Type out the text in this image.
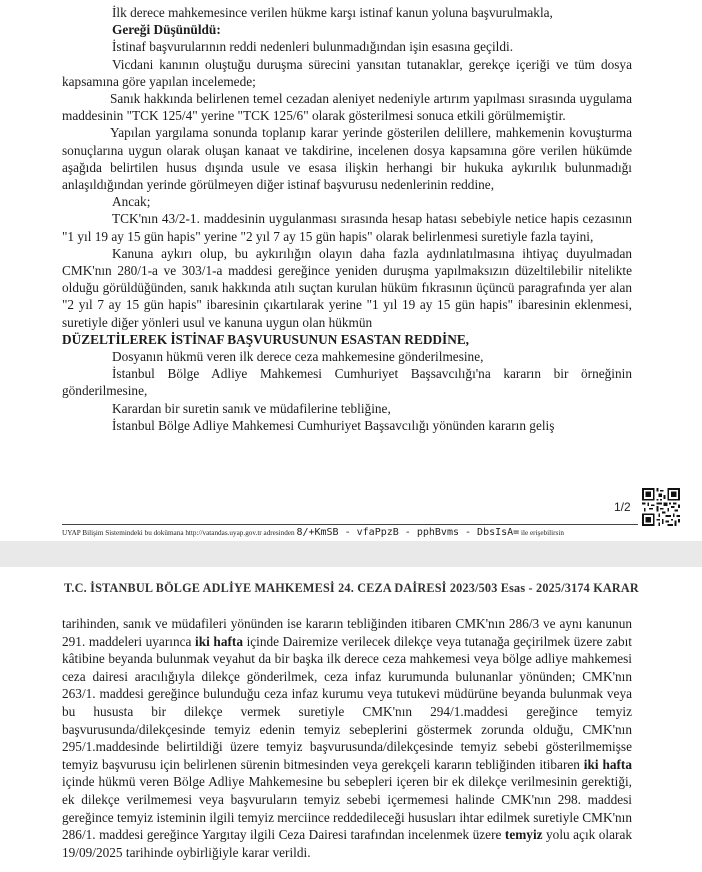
İlk derece mahkemesince verilen hükme karşı istinaf kanun yoluna başvurulmakla,

Gereği Düşünüldü:

İstinaf başvurularının reddi nedenleri bulunmadığından işin esasına geçildi.

Vicdani kanının oluştuğu duruşma sürecini yansıtan tutanaklar, gerekçe içeriği ve tüm dosya kapsamına göre yapılan incelemede;

Sanık hakkında belirlenen temel cezadan aleniyet nedeniyle artırım yapılması sırasında uygulama maddesinin "TCK 125/4" yerine "TCK 125/6" olarak gösterilmesi sonuca etkili görülmemiştir.

Yapılan yargılama sonunda toplanıp karar yerinde gösterilen delillere, mahkemenin kovuşturma sonuçlarına uygun olarak oluşan kanaat ve takdirine, incelenen dosya kapsamına göre verilen hükümde aşağıda belirtilen husus dışında usule ve esasa ilişkin herhangi bir hukuka aykırılık bulunmadığı anlaşıldığından yerinde görülmeyen diğer istinaf başvurusu nedenlerinin reddine,

Ancak;

TCK'nın 43/2-1. maddesinin uygulanması sırasında hesap hatası sebebiyle netice hapis cezasının "1 yıl 19 ay 15 gün hapis" yerine "2 yıl 7 ay 15 gün hapis" olarak belirlenmesi suretiyle fazla tayini,

Kanuna aykırı olup, bu aykırılığın olayın daha fazla aydınlatılmasına ihtiyaç duyulmadan CMK'nın 280/1-a ve 303/1-a maddesi gereğince yeniden duruşma yapılmaksızın düzeltilebilir nitelikte olduğu görüldüğünden, sanık hakkında atılı suçtan kurulan hüküm fıkrasının üçüncü paragrafında yer alan "2 yıl 7 ay 15 gün hapis" ibaresinin çıkartılarak yerine "1 yıl 19 ay 15 gün hapis" ibaresinin eklenmesi, suretiyle diğer yönleri usul ve kanuna uygun olan hükmün

DÜZELTİLEREK İSTİNAF BAŞVURUSUNUN ESASTAN REDDİNE,

Dosyanın hükmü veren ilk derece ceza mahkemesine gönderilmesine,

İstanbul Bölge Adliye Mahkemesi Cumhuriyet Başsavcılığı'na kararın bir örneğinin gönderilmesine,

Karardan bir suretin sanık ve müdafilerine tebliğine,

İstanbul Bölge Adliye Mahkemesi Cumhuriyet Başsavcılığı yönünden kararın geliş

1/2
UYAP Bilişim Sistemindeki bu dokümana http://vatandas.uyap.gov.tr adresinden 8/+KmSB - vfaPpzB - pphBvms - DbsIsA= ile erişebilirsin
T.C. İSTANBUL BÖLGE ADLİYE MAHKEMESİ 24. CEZA DAİRESİ 2023/503 Esas - 2025/3174 KARAR

tarihinden, sanık ve müdafileri yönünden ise kararın tebliğinden itibaren CMK'nın 286/3 ve aynı kanunun 291. maddeleri uyarınca iki hafta içinde Dairemize verilecek dilekçe veya tutanağa geçirilmek üzere zabıt kâtibine beyanda bulunmak veyahut da bir başka ilk derece ceza mahkemesi veya bölge adliye mahkemesi ceza dairesi aracılığıyla dilekçe gönderilmek, ceza infaz kurumunda bulunanlar yönünden; CMK'nın 263/1. maddesi gereğince bulunduğu ceza infaz kurumu veya tutukevi müdürüne beyanda bulunmak veya bu hususta bir dilekçe vermek suretiyle CMK'nın 294/1.maddesi gereğince temyiz başvurusunda/dilekçesinde temyiz edenin temyiz sebeplerini göstermek zorunda olduğu, CMK'nın 295/1.maddesinde belirtildiği üzere temyiz başvurusunda/dilekçesinde temyiz sebebi gösterilmemişse temyiz başvurusu için belirlenen sürenin bitmesinden veya gerekçeli kararın tebliğinden itibaren iki hafta içinde hükmü veren Bölge Adliye Mahkemesine bu sebepleri içeren bir ek dilekçe verilmesinin gerektiği, ek dilekçe verilmemesi veya başvuruların temyiz sebebi içermemesi halinde CMK'nın 298. maddesi gereğince temyiz isteminin ilgili temyiz merciince reddedileceği hususları ihtar edilmek suretiyle CMK'nın 286/1. maddesi gereğince Yargıtay ilgili Ceza Dairesi tarafından incelenmek üzere temyiz yolu açık olarak 19/09/2025 tarihinde oybirliğiyle karar verildi.
